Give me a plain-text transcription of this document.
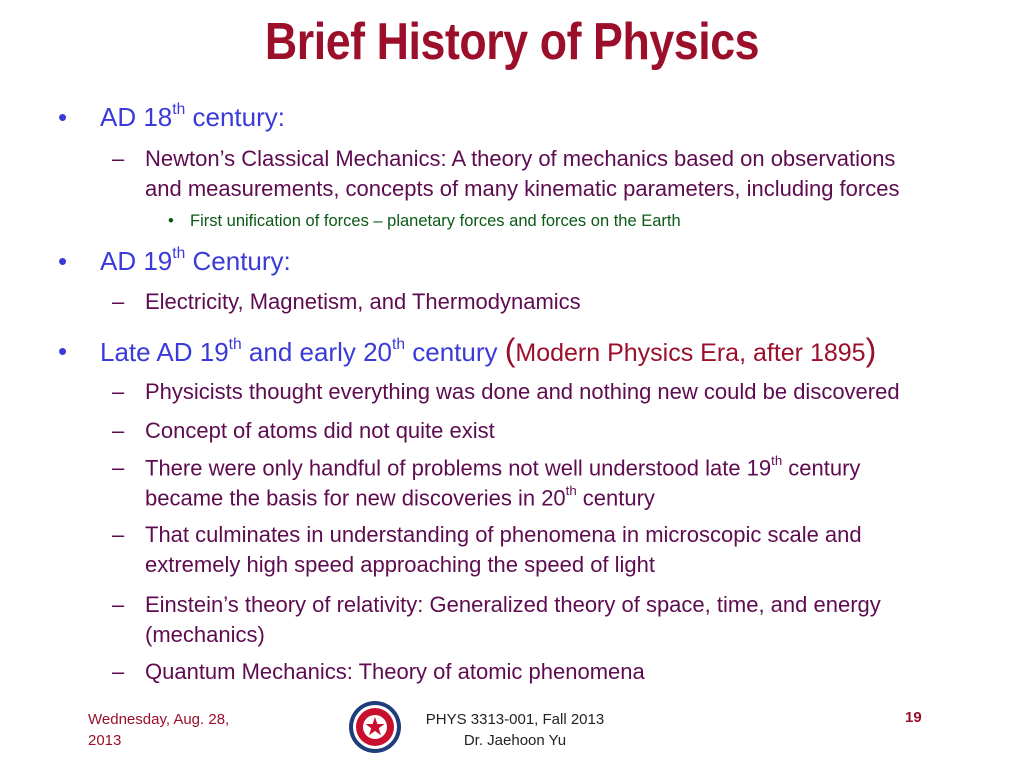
Brief History of Physics
• AD 18th century:
– Newton’s Classical Mechanics: A theory of mechanics based on observations
and measurements, concepts of many kinematic parameters, including forces
• First unification of forces – planetary forces and forces on the Earth
• AD 19th Century:
– Electricity, Magnetism, and Thermodynamics
• Late AD 19th and early 20th century (Modern Physics Era, after 1895)
– Physicists thought everything was done and nothing new could be discovered
– Concept of atoms did not quite exist
– There were only handful of problems not well understood late 19th century
became the basis for new discoveries in 20th century
– That culminates in understanding of phenomena in microscopic scale and
extremely high speed approaching the speed of light
– Einstein’s theory of relativity: Generalized theory of space, time, and energy
(mechanics)
– Quantum Mechanics: Theory of atomic phenomena
Wednesday, Aug. 28,
2013
PHYS 3313-001, Fall 2013
Dr. Jaehoon Yu
19
